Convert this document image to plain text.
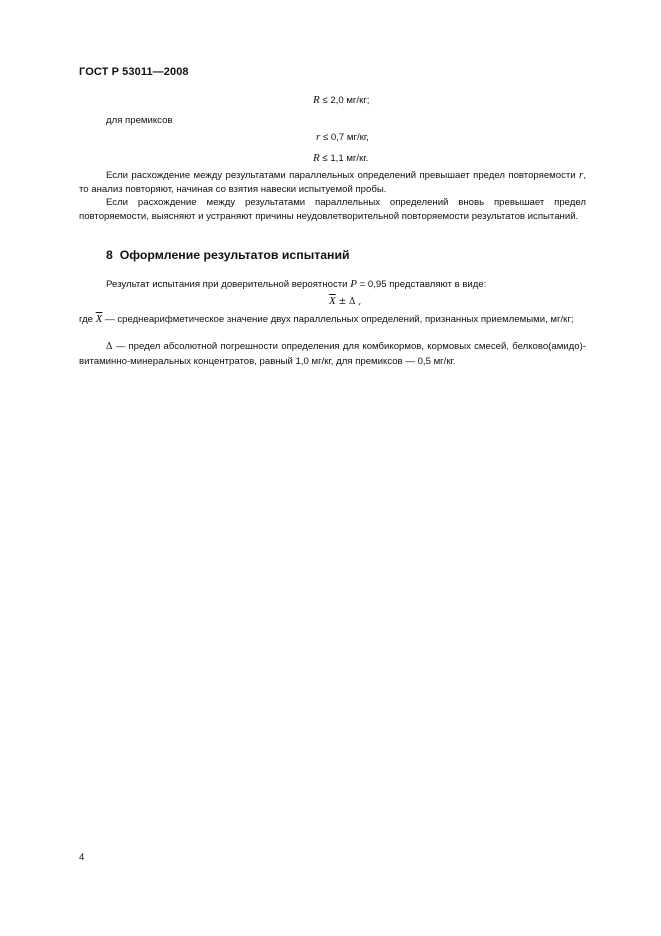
ГОСТ Р 53011—2008
R ≤ 2,0 мг/кг;
для премиксов
r ≤ 0,7 мг/кг,
R ≤ 1,1 мг/кг.

Если расхождение между результатами параллельных определений превышает предел повторяемости r, то анализ повторяют, начиная со взятия навески испытуемой пробы.

Если расхождение между результатами параллельных определений вновь превышает предел повторяемости, выясняют и устраняют причины неудовлетворительной повторяемости результатов испытаний.

8 Оформление результатов испытаний
Результат испытания при доверительной вероятности P = 0,95 представляют в виде:
$\overline{X} \pm \Delta$ ,

где $\overline{X}$ — среднеарифметическое значение двух параллельных определений, признанных приемлемыми, мг/кг;

Δ — предел абсолютной погрешности определения для комбикормов, кормовых смесей, белково(амидо)-витаминно-минеральных концентратов, равный 1,0 мг/кг, для премиксов — 0,5 мг/кг.

4
